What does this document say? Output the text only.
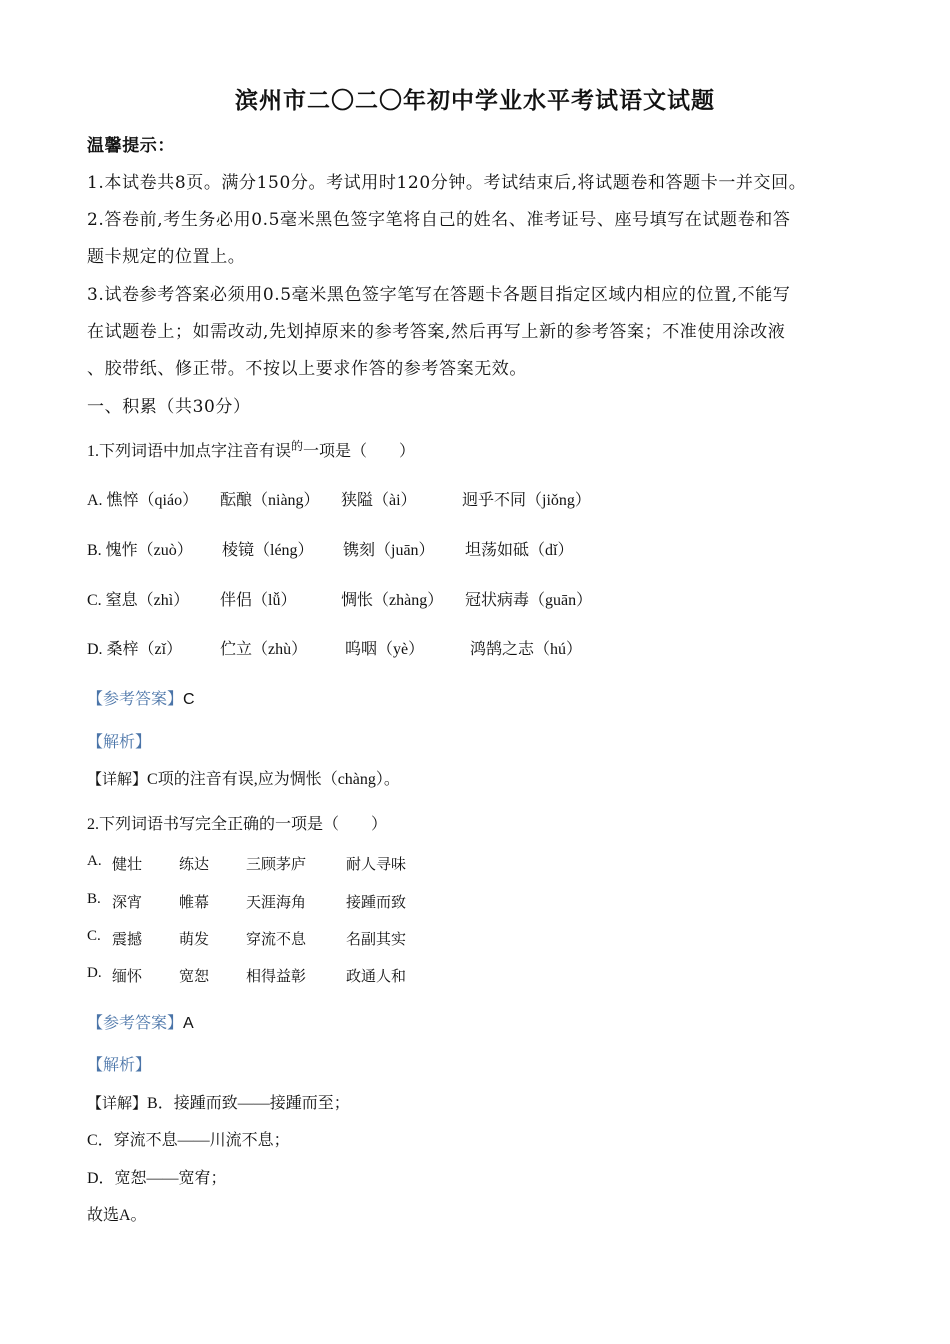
滨州市二〇二〇年初中学业水平考试语文试题
温馨提示：
1.本试卷共8页。满分150分。考试用时120分钟。考试结束后,将试题卷和答题卡一并交回。
2.答卷前,考生务必用0.5毫米黑色签字笔将自己的姓名、准考证号、座号填写在试题卷和答
题卡规定的位置上。
3.试卷参考答案必须用0.5毫米黑色签字笔写在答题卡各题目指定区域内相应的位置,不能写
在试题卷上；如需改动,先划掉原来的参考答案,然后再写上新的参考答案；不准使用涂改液
、胶带纸、修正带。不按以上要求作答的参考答案无效。
一、积累（共30分）
1.下列词语中加点字注音有误$^的$一项是（　　）
A. 憔悴（qiáo） 酝酿（niàng） 狭隘（ài）	迥乎不同（jiǒng）
B. 愧怍（zuò） 棱镜（léng） 镌刻（juān） 坦荡如砥（dǐ）
C. 窒息（zhì） 伴侣（lǚ）	惆怅（zhàng） 冠状病毒（guān）
D. 桑梓（zǐ） 伫立（zhù） 呜咽（yè）	鸿鹄之志（hú）
【参考答案】C
【解析】
【详解】C项的注音有误,应为惆怅（chàng）。
2.下列词语书写完全正确的一项是（　　）
A. 健壮 练达 三顾茅庐	耐人寻味
B. 深宵 帷幕 天涯海角	接踵而致
C. 震撼 萌发 穿流不息	名副其实
D. 缅怀 宽恕 相得益彰	政通人和
【参考答案】A
【解析】
【详解】B．接踵而致——接踵而至；
C．穿流不息——川流不息；
D．宽恕——宽宥；
故选A。
